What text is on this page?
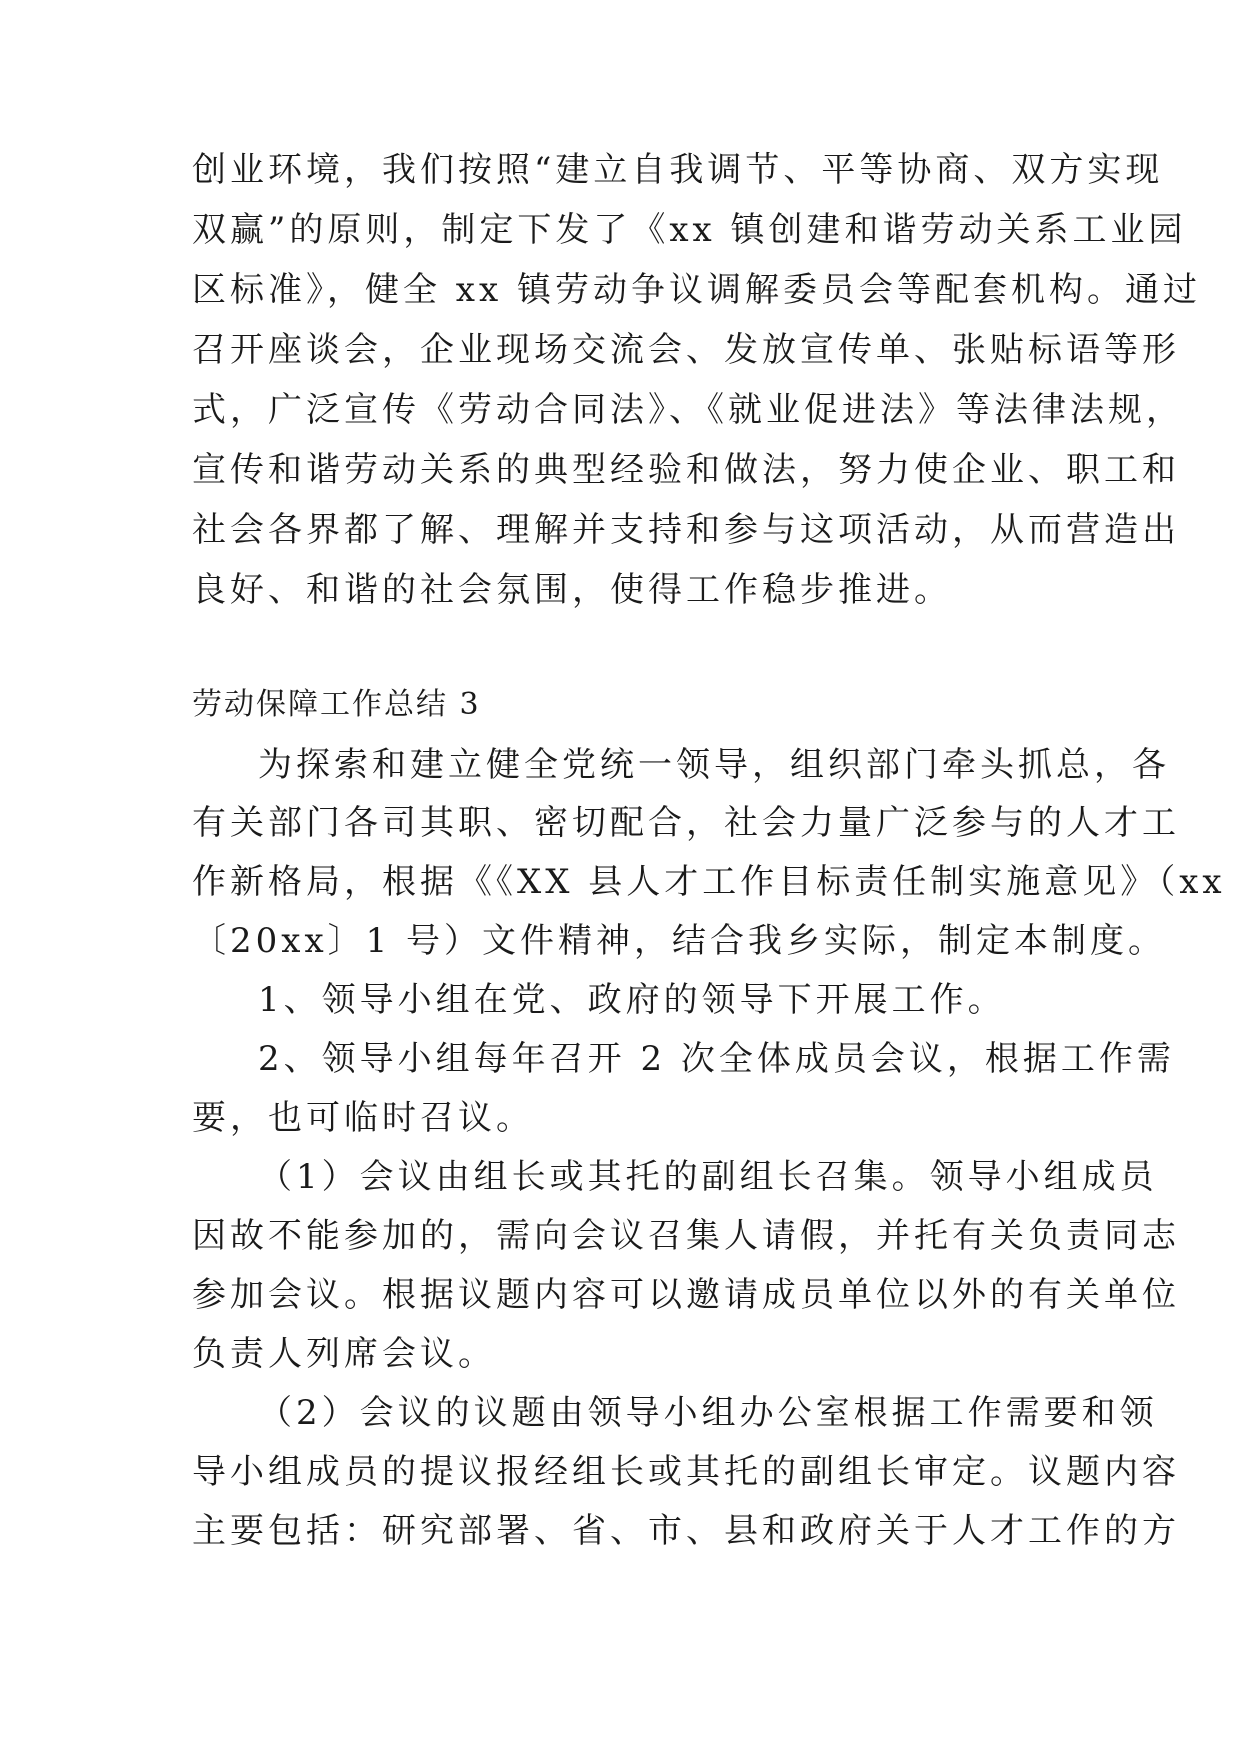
创业环境，我们按照“建立自我调节、平等协商、双方实现
双赢”的原则，制定下发了《xx 镇创建和谐劳动关系工业园
区标准》，健全 xx 镇劳动争议调解委员会等配套机构。通过
召开座谈会，企业现场交流会、发放宣传单、张贴标语等形
式，广泛宣传《劳动合同法》、《就业促进法》等法律法规，
宣传和谐劳动关系的典型经验和做法，努力使企业、职工和
社会各界都了解、理解并支持和参与这项活动，从而营造出
良好、和谐的社会氛围，使得工作稳步推进。
劳动保障工作总结 3
为探索和建立健全党统一领导，组织部门牵头抓总，各
有关部门各司其职、密切配合，社会力量广泛参与的人才工
作新格局，根据《《XX 县人才工作目标责任制实施意见》（xx
〔20xx〕1 号）文件精神，结合我乡实际，制定本制度。
1、领导小组在党、政府的领导下开展工作。
2、领导小组每年召开 2 次全体成员会议，根据工作需
要，也可临时召议。
（1）会议由组长或其托的副组长召集。领导小组成员
因故不能参加的，需向会议召集人请假，并托有关负责同志
参加会议。根据议题内容可以邀请成员单位以外的有关单位
负责人列席会议。
（2）会议的议题由领导小组办公室根据工作需要和领
导小组成员的提议报经组长或其托的副组长审定。议题内容
主要包括：研究部署、省、市、县和政府关于人才工作的方
